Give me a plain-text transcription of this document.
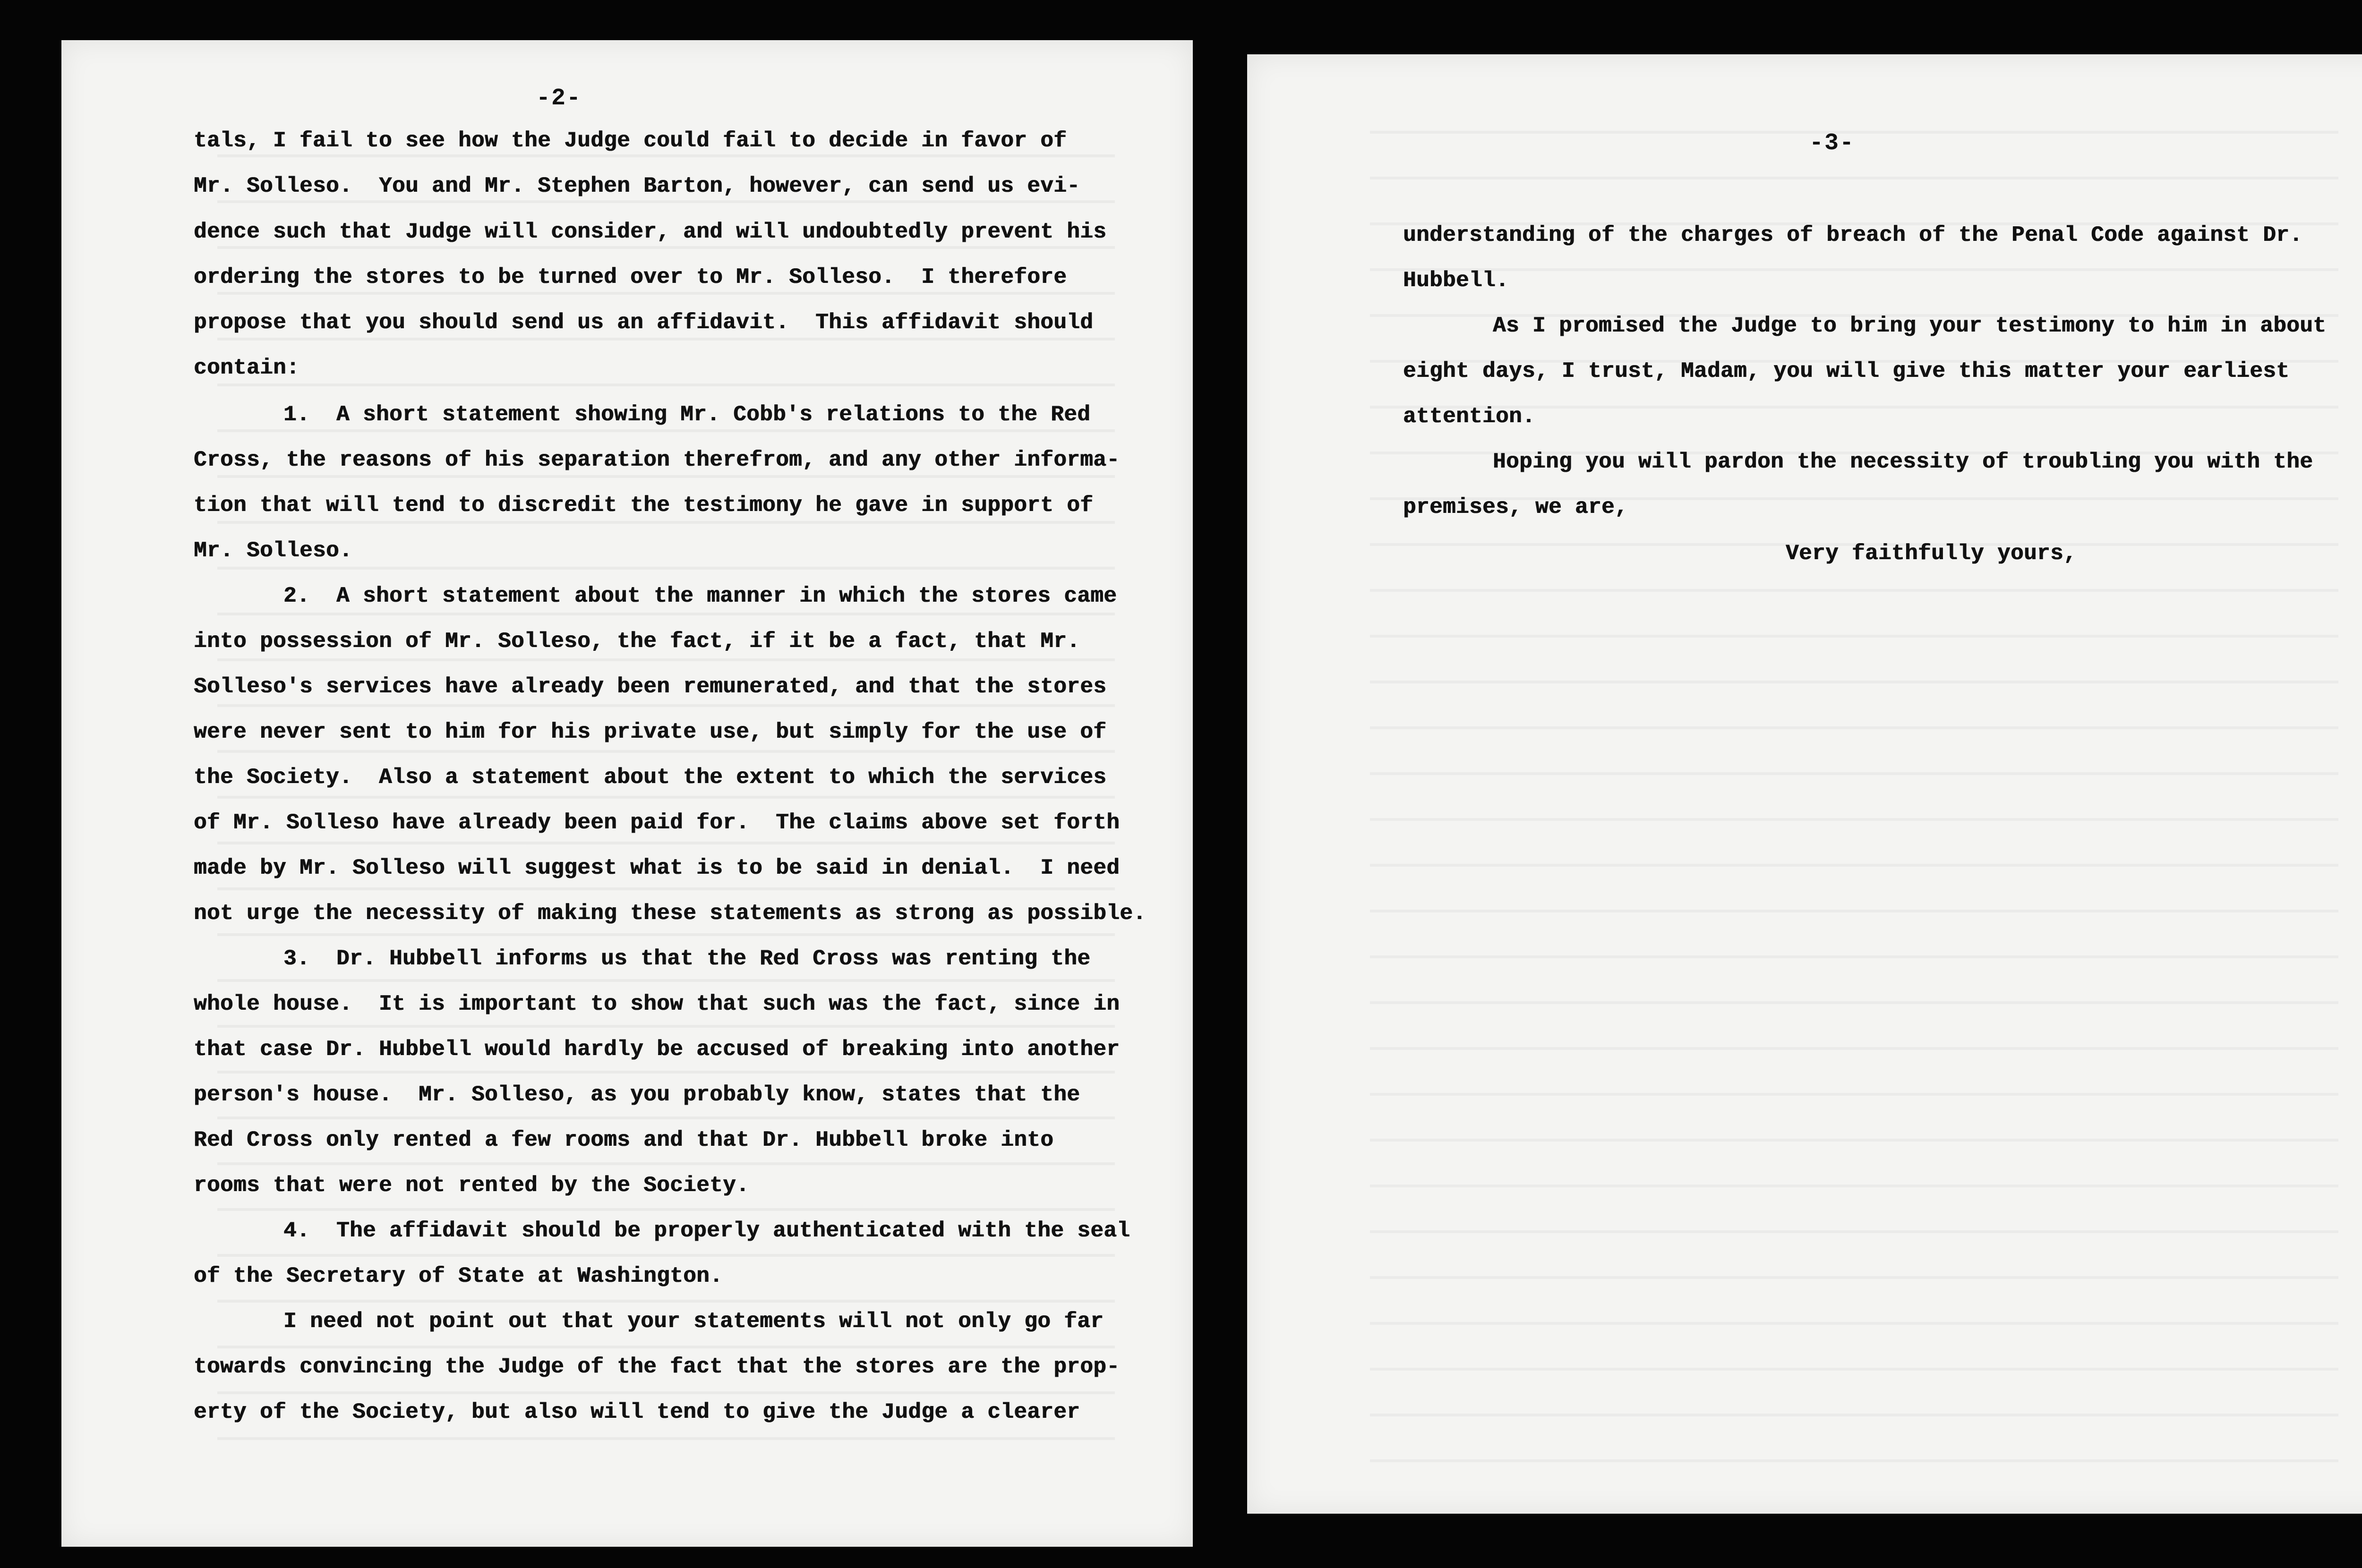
-2-
tals, I fail to see how the Judge could fail to decide in favor of
Mr. Solleso.  You and Mr. Stephen Barton, however, can send us evi-
dence such that Judge will consider, and will undoubtedly prevent his
ordering the stores to be turned over to Mr. Solleso.  I therefore
propose that you should send us an affidavit.  This affidavit should
contain:
1.  A short statement showing Mr. Cobb's relations to the Red
Cross, the reasons of his separation therefrom, and any other informa-
tion that will tend to discredit the testimony he gave in support of
Mr. Solleso.
2.  A short statement about the manner in which the stores came
into possession of Mr. Solleso, the fact, if it be a fact, that Mr.
Solleso's services have already been remunerated, and that the stores
were never sent to him for his private use, but simply for the use of
the Society.  Also a statement about the extent to which the services
of Mr. Solleso have already been paid for.  The claims above set forth
made by Mr. Solleso will suggest what is to be said in denial.  I need
not urge the necessity of making these statements as strong as possible.
3.  Dr. Hubbell informs us that the Red Cross was renting the
whole house.  It is important to show that such was the fact, since in
that case Dr. Hubbell would hardly be accused of breaking into another
person's house.  Mr. Solleso, as you probably know, states that the
Red Cross only rented a few rooms and that Dr. Hubbell broke into
rooms that were not rented by the Society.
4.  The affidavit should be properly authenticated with the seal
of the Secretary of State at Washington.
I need not point out that your statements will not only go far
towards convincing the Judge of the fact that the stores are the prop-
erty of the Society, but also will tend to give the Judge a clearer
-3-
understanding of the charges of breach of the Penal Code against Dr.
Hubbell.
As I promised the Judge to bring your testimony to him in about
eight days, I trust, Madam, you will give this matter your earliest
attention.
Hoping you will pardon the necessity of troubling you with the
premises, we are,
Very faithfully yours,
